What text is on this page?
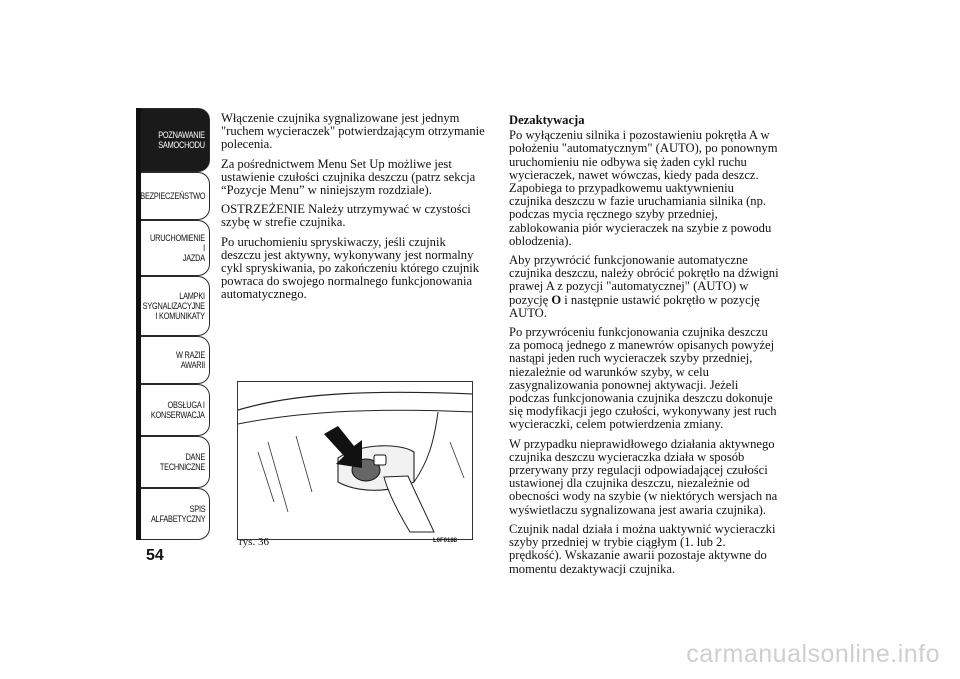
POZNAWANIE
SAMOCHODU
BEZPIECZEŃSTWO
URUCHOMIENIE I
JAZDA
LAMPKI
SYGNALIZACYJNE
I KOMUNIKATY
W RAZIE AWARII
OBSŁUGA I
KONSERWACJA
DANE
TECHNICZNE
SPIS
ALFABETYCZNY
54

Włączenie czujnika sygnalizowane jest jednym "ruchem wycieraczek" potwierdzającym otrzymanie polecenia.

Za pośrednictwem Menu Set Up możliwe jest ustawienie czułości czujnika deszczu (patrz sekcja “Pozycje Menu” w niniejszym rozdziale).

OSTRZEŻENIE Należy utrzymywać w czystości szybę w strefie czujnika.

Po uruchomieniu spryskiwaczy, jeśli czujnik deszczu jest aktywny, wykonywany jest normalny cykl spryskiwania, po zakończeniu którego czujnik powraca do swojego normalnego funkcjonowania automatycznego.

rys. 36	L0F0188
Dezaktywacja

Po wyłączeniu silnika i pozostawieniu pokrętła A w położeniu "automatycznym" (AUTO), po ponownym uruchomieniu nie odbywa się żaden cykl ruchu wycieraczek, nawet wówczas, kiedy pada deszcz. Zapobiega to przypadkowemu uaktywnieniu czujnika deszczu w fazie uruchamiania silnika (np. podczas mycia ręcznego szyby przedniej, zablokowania piór wycieraczek na szybie z powodu oblodzenia).

Aby przywrócić funkcjonowanie automatyczne czujnika deszczu, należy obrócić pokrętło na dźwigni prawej A z pozycji "automatycznej" (AUTO) w pozycję O i następnie ustawić pokrętło w pozycję AUTO.

Po przywróceniu funkcjonowania czujnika deszczu za pomocą jednego z manewrów opisanych powyżej nastąpi jeden ruch wycieraczek szyby przedniej, niezależnie od warunków szyby, w celu zasygnalizowania ponownej aktywacji. Jeżeli podczas funkcjonowania czujnika deszczu dokonuje się modyfikacji jego czułości, wykonywany jest ruch wycieraczki, celem potwierdzenia zmiany.

W przypadku nieprawidłowego działania aktywnego czujnika deszczu wycieraczka działa w sposób przerywany przy regulacji odpowiadającej czułości ustawionej dla czujnika deszczu, niezależnie od obecności wody na szybie (w niektórych wersjach na wyświetlaczu sygnalizowana jest awaria czujnika).

Czujnik nadal działa i można uaktywnić wycieraczki szyby przedniej w trybie ciągłym (1. lub 2. prędkość). Wskazanie awarii pozostaje aktywne do momentu dezaktywacji czujnika.

carmanualsonline.info
